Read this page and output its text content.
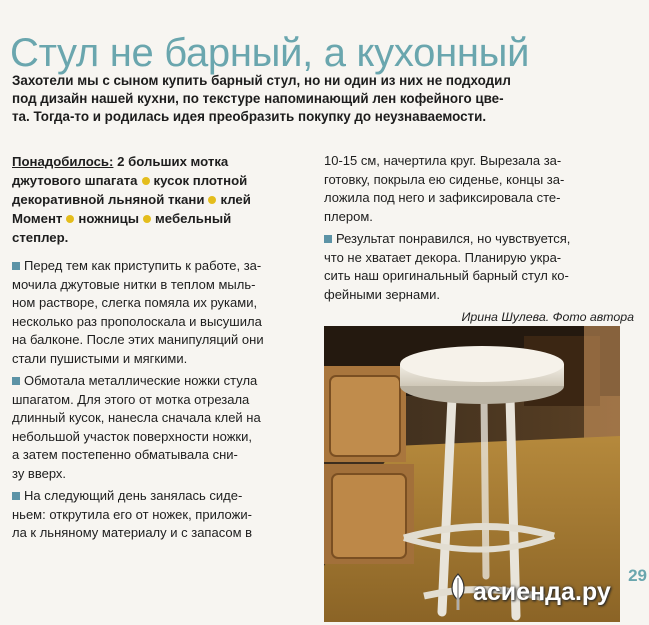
Стул не барный, а кухонный
Захотели мы с сыном купить барный стул, но ни один из них не подходил
под дизайн нашей кухни, по текстуре напоминающий лен кофейного цве-
та. Тогда-то и родилась идея преобразить покупку до неузнаваемости.
Понадобилось: 2 больших мотка
джутового шпагата кусок плотной
декоративной льняной ткани клей
Момент ножницы мебельный
степлер.
Перед тем как приступить к работе, за-
мочила джутовые нитки в теплом мыль-
ном растворе, слегка помяла их руками,
несколько раз прополоскала и высушила
на балконе. После этих манипуляций они
стали пушистыми и мягкими.
Обмотала металлические ножки стула
шпагатом. Для этого от мотка отрезала
длинный кусок, нанесла сначала клей на
небольшой участок поверхности ножки,
а затем постепенно обматывала сни-
зу вверх.
На следующий день занялась сиде-
ньем: открутила его от ножек, приложи-
ла к льняному материалу и с запасом в
10-15 см, начертила круг. Вырезала за-
готовку, покрыла ею сиденье, концы за-
ложила под него и зафиксировала сте-
плером.
Результат понравился, но чувствуется,
что не хватает декора. Планирую укра-
сить наш оригинальный барный стул ко-
фейными зернами.
Ирина Шулева. Фото автора
29
асиенда.ру
